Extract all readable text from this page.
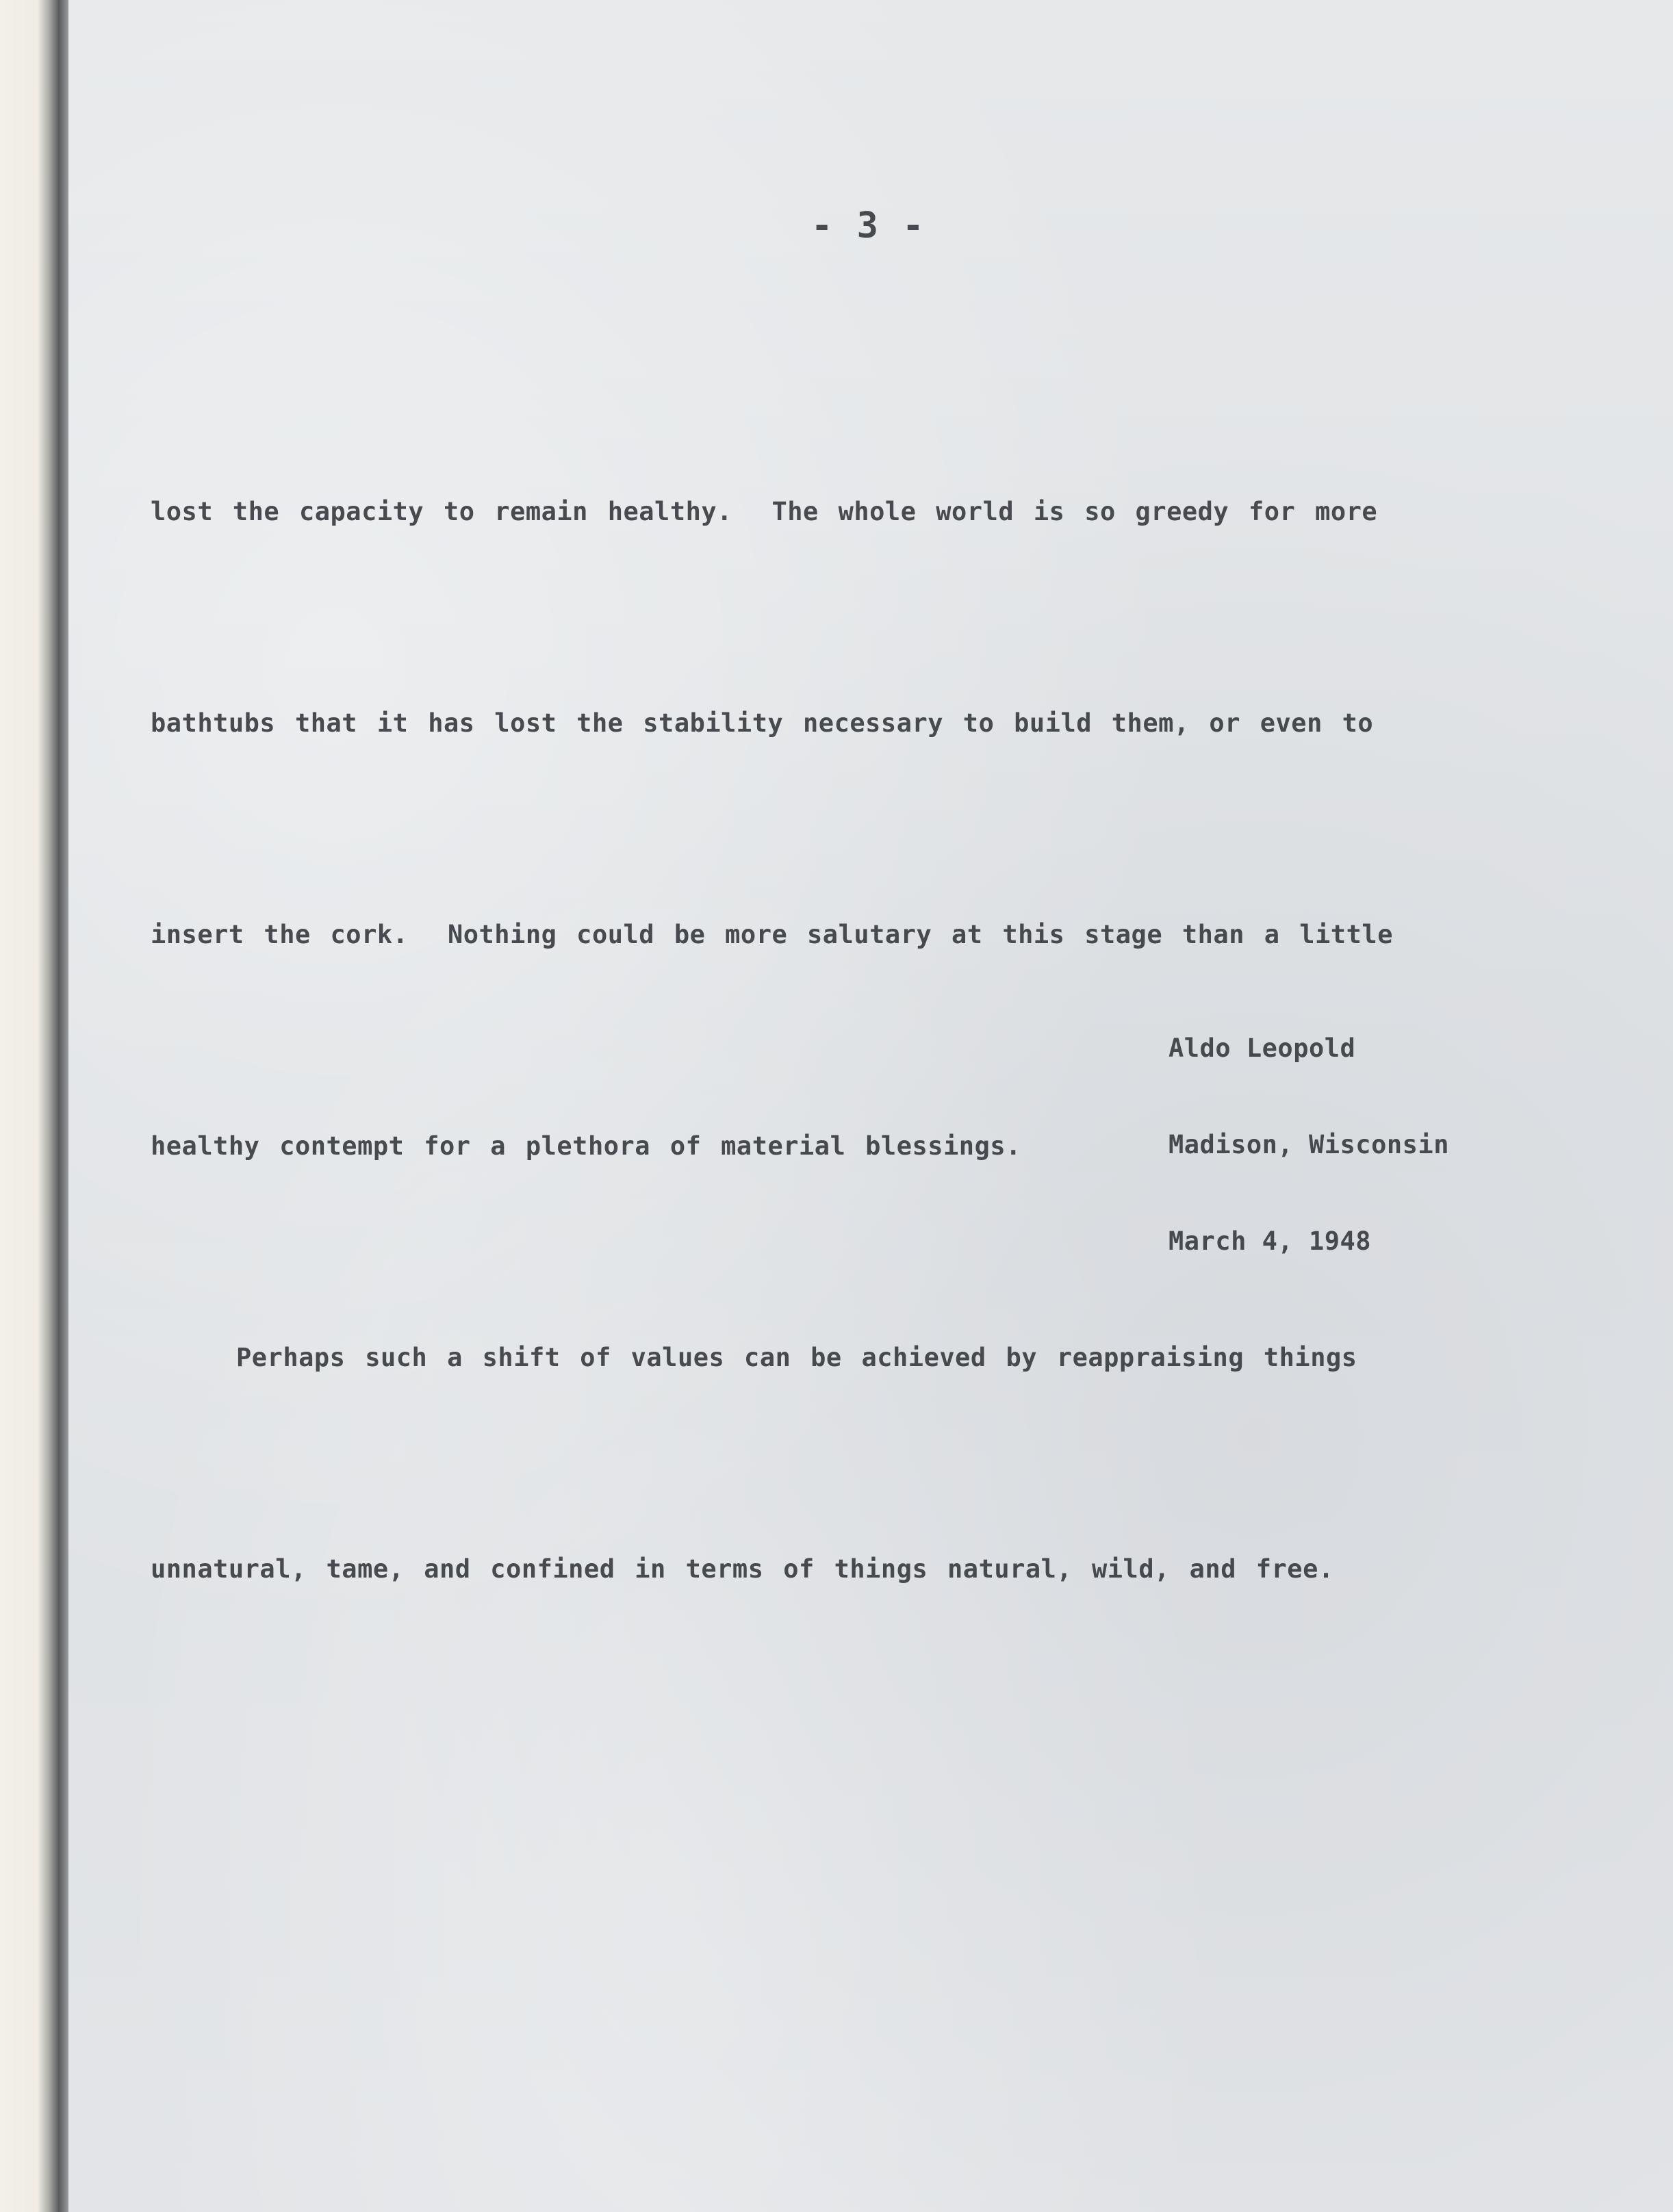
- 3 -

lost the capacity to remain healthy.  The whole world is so greedy for more

bathtubs that it has lost the stability necessary to build them, or even to

insert the cork.  Nothing could be more salutary at this stage than a little

healthy contempt for a plethora of material blessings.

Perhaps such a shift of values can be achieved by reappraising things

unnatural, tame, and confined in terms of things natural, wild, and free.

Aldo Leopold

Madison, Wisconsin

March 4, 1948
